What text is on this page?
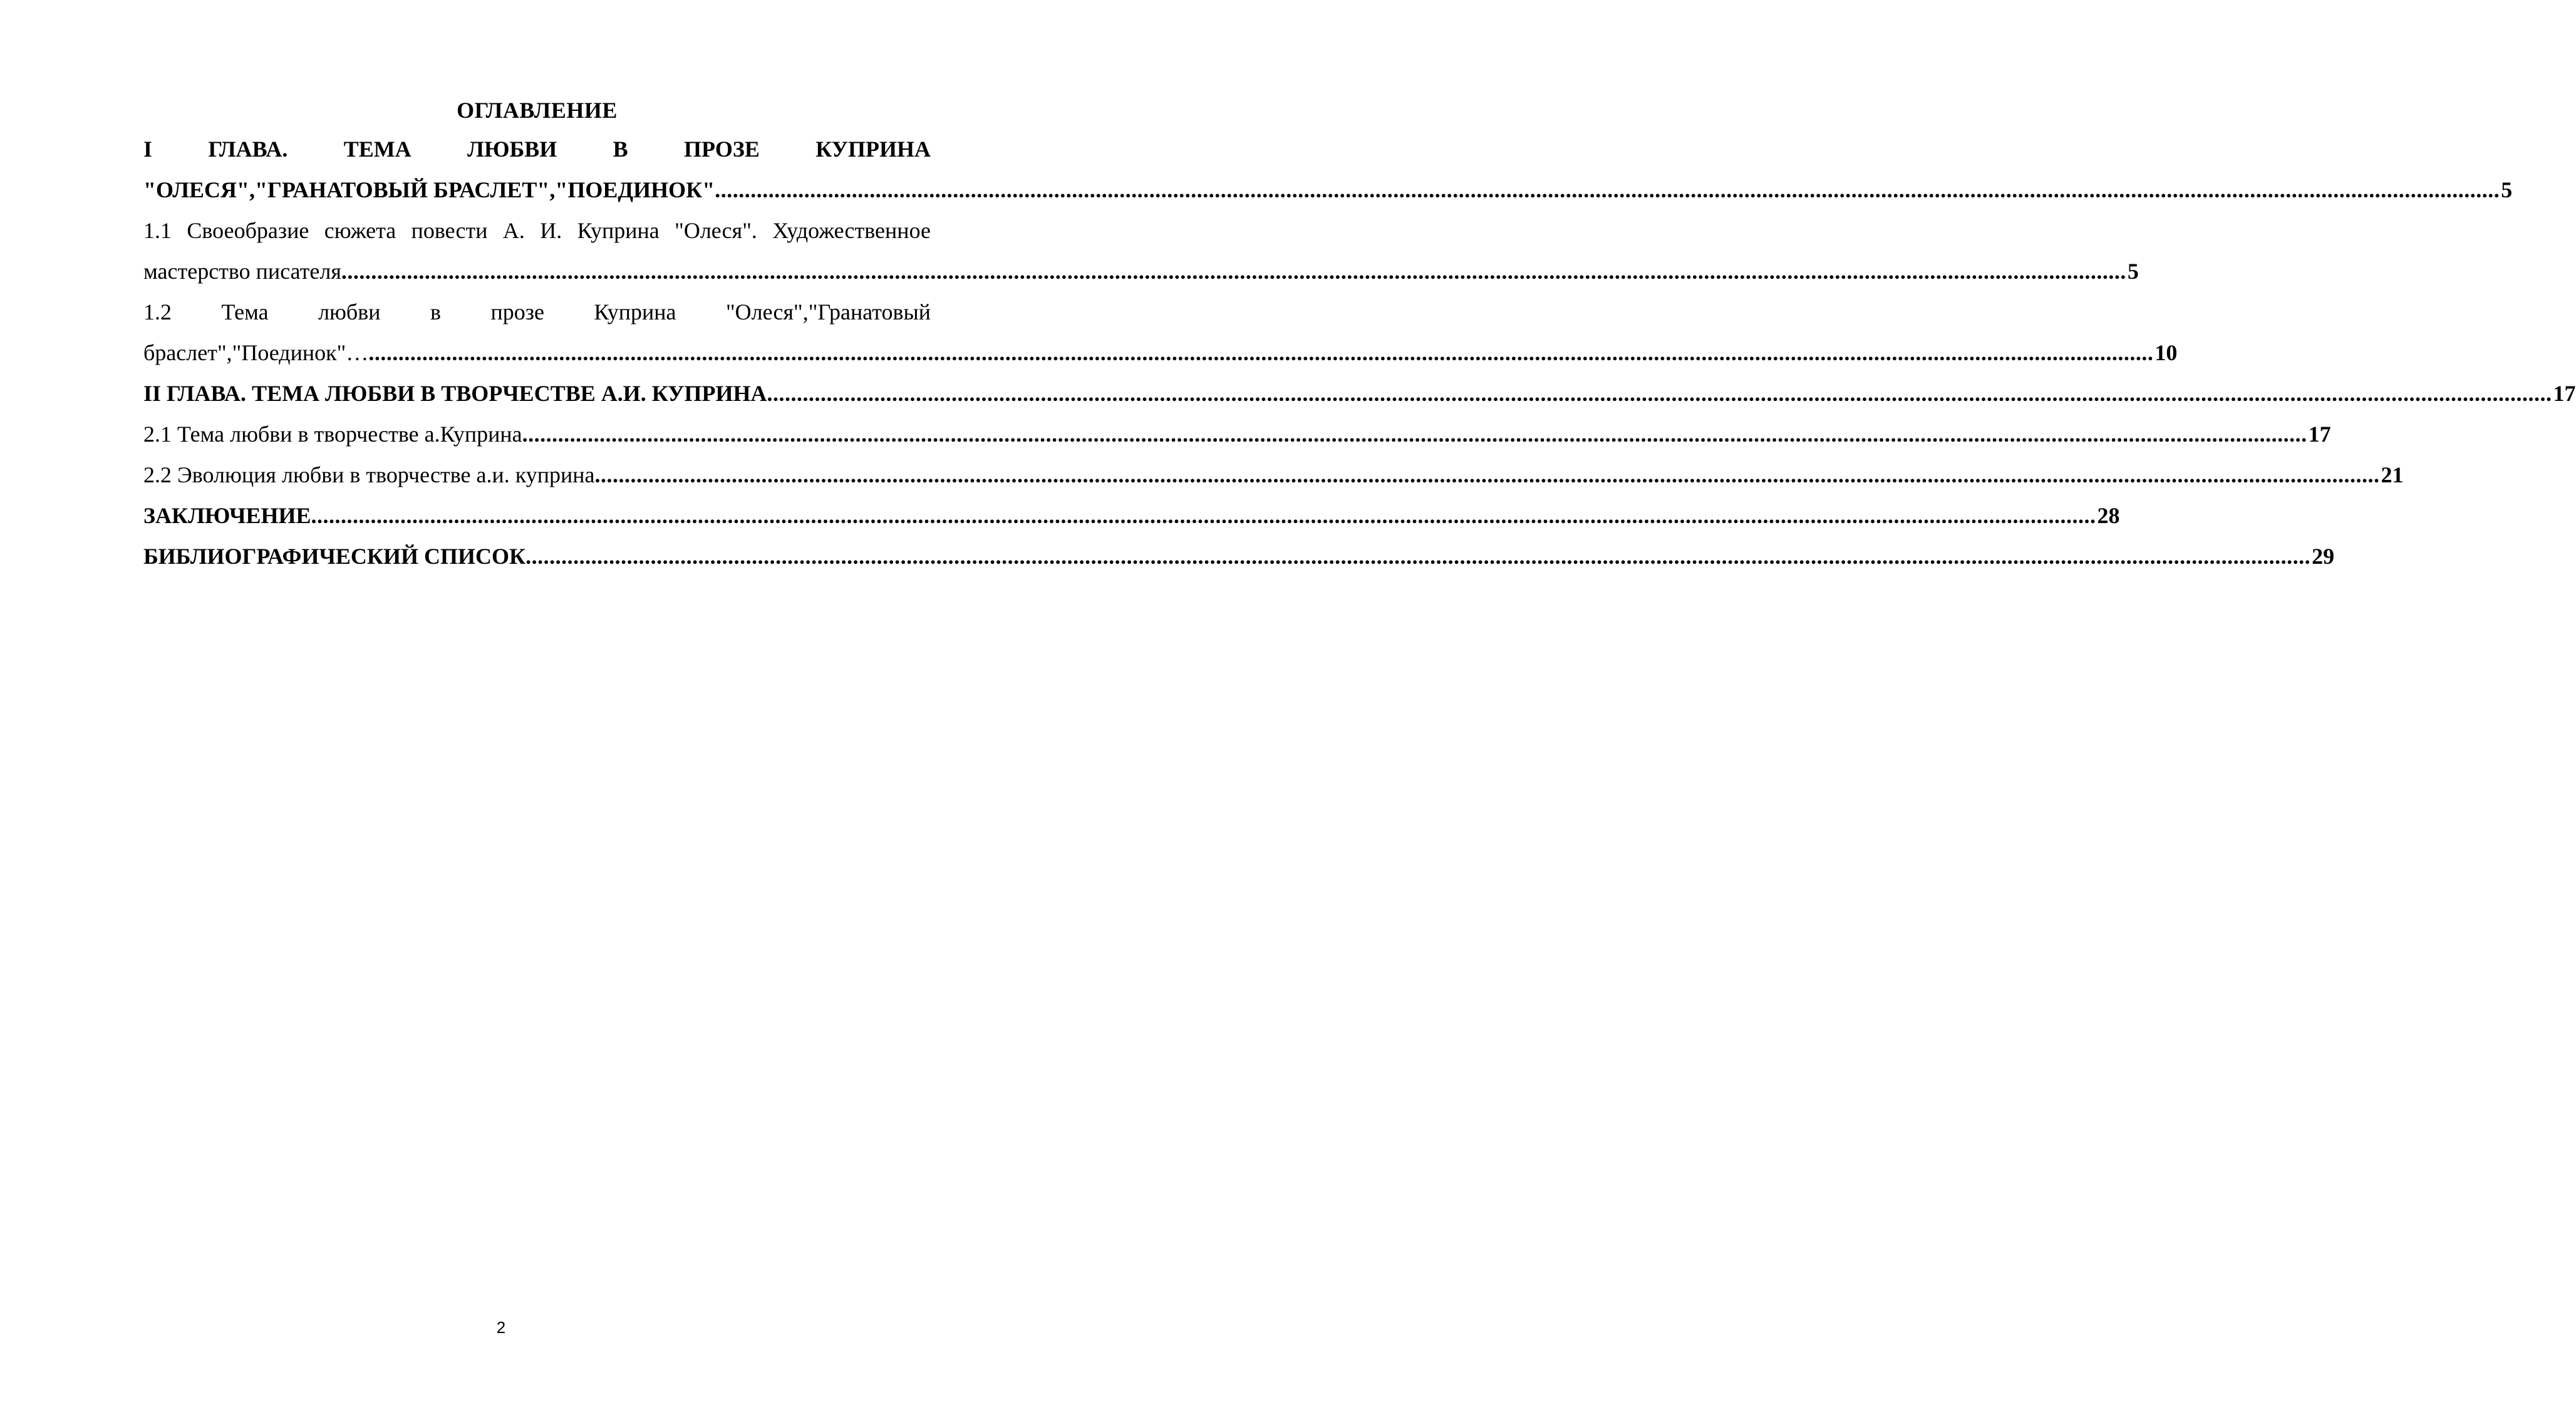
ОГЛАВЛЕНИЕ
I ГЛАВА. ТЕМА ЛЮБВИ В ПРОЗЕ КУПРИНА
"ОЛЕСЯ","ГРАНАТОВЫЙ БРАСЛЕТ","ПОЕДИНОК" ............................................................................................................................................................................................................................................................................................................ 5
1.1 Своеобразие сюжета повести А. И. Куприна "Олеся". Художественное
мастерство писателя ............................................................................................................................................................................................................................................................................................................ 5
1.2 Тема любви в прозе Куприна "Олеся","Гранатовый
браслет","Поединок"… ............................................................................................................................................................................................................................................................................................................ 10
II ГЛАВА. ТЕМА ЛЮБВИ В ТВОРЧЕСТВЕ А.И. КУПРИНА ............................................................................................................................................................................................................................................................................................................ 17
2.1 Тема любви в творчестве а.Куприна ............................................................................................................................................................................................................................................................................................................ 17
2.2 Эволюция любви в творчестве а.и. куприна ............................................................................................................................................................................................................................................................................................................ 21
ЗАКЛЮЧЕНИЕ ............................................................................................................................................................................................................................................................................................................ 28
БИБЛИОГРАФИЧЕСКИЙ СПИСОК ............................................................................................................................................................................................................................................................................................................ 29
2
